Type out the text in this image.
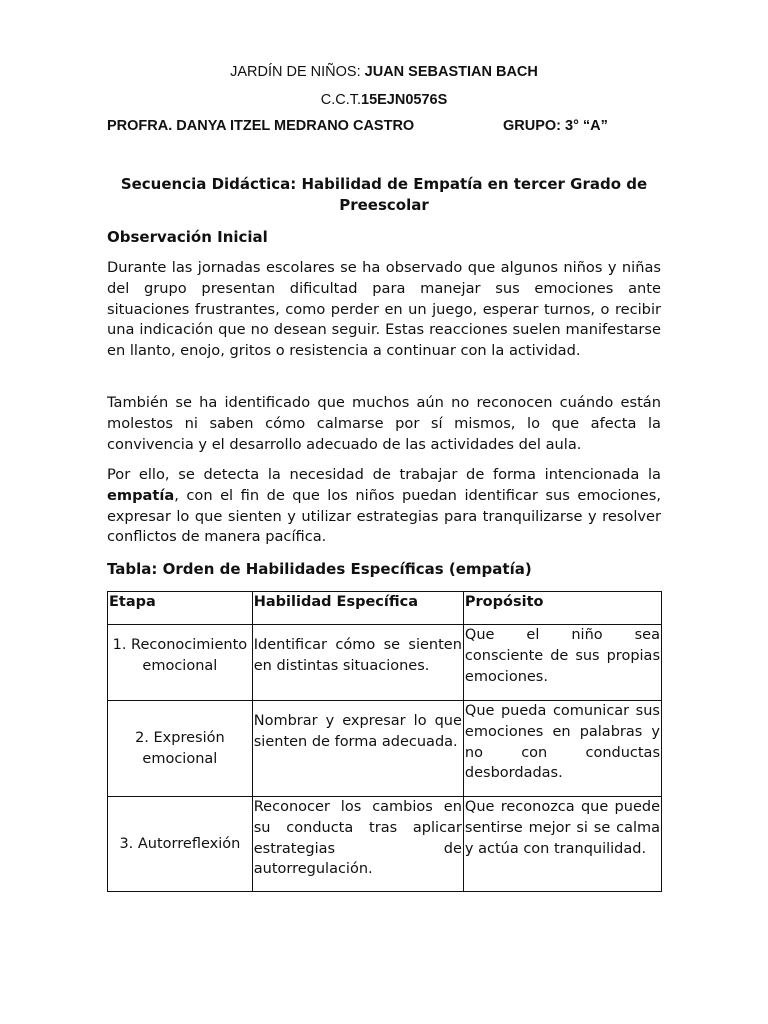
JARDÍN DE NIÑOS: JUAN SEBASTIAN BACH
C.C.T.15EJN0576S
PROFRA. DANYA ITZEL MEDRANO CASTRO	GRUPO: 3° “A”
Secuencia Didáctica: Habilidad de Empatía en tercer Grado de Preescolar
Observación Inicial

Durante las jornadas escolares se ha observado que algunos niños y niñas del grupo presentan dificultad para manejar sus emociones ante situaciones frustrantes, como perder en un juego, esperar turnos, o recibir una indicación que no desean seguir. Estas reacciones suelen manifestarse en llanto, enojo, gritos o resistencia a continuar con la actividad.

También se ha identificado que muchos aún no reconocen cuándo están molestos ni saben cómo calmarse por sí mismos, lo que afecta la convivencia y el desarrollo adecuado de las actividades del aula.

Por ello, se detecta la necesidad de trabajar de forma intencionada la empatía, con el fin de que los niños puedan identificar sus emociones, expresar lo que sienten y utilizar estrategias para tranquilizarse y resolver conflictos de manera pacífica.

Tabla: Orden de Habilidades Específicas (empatía)
Etapa	Habilidad Específica	Propósito
1. Reconocimiento emocional	Identificar cómo se sienten en distintas situaciones.	Que el niño sea consciente de sus propias emociones.
2. Expresión emocional	Nombrar y expresar lo que sienten de forma adecuada.	Que pueda comunicar sus emociones en palabras y no con conductas desbordadas.
3. Autorreflexión	Reconocer los cambios en su conducta tras aplicar estrategias de autorregulación.	Que reconozca que puede sentirse mejor si se calma y actúa con tranquilidad.
